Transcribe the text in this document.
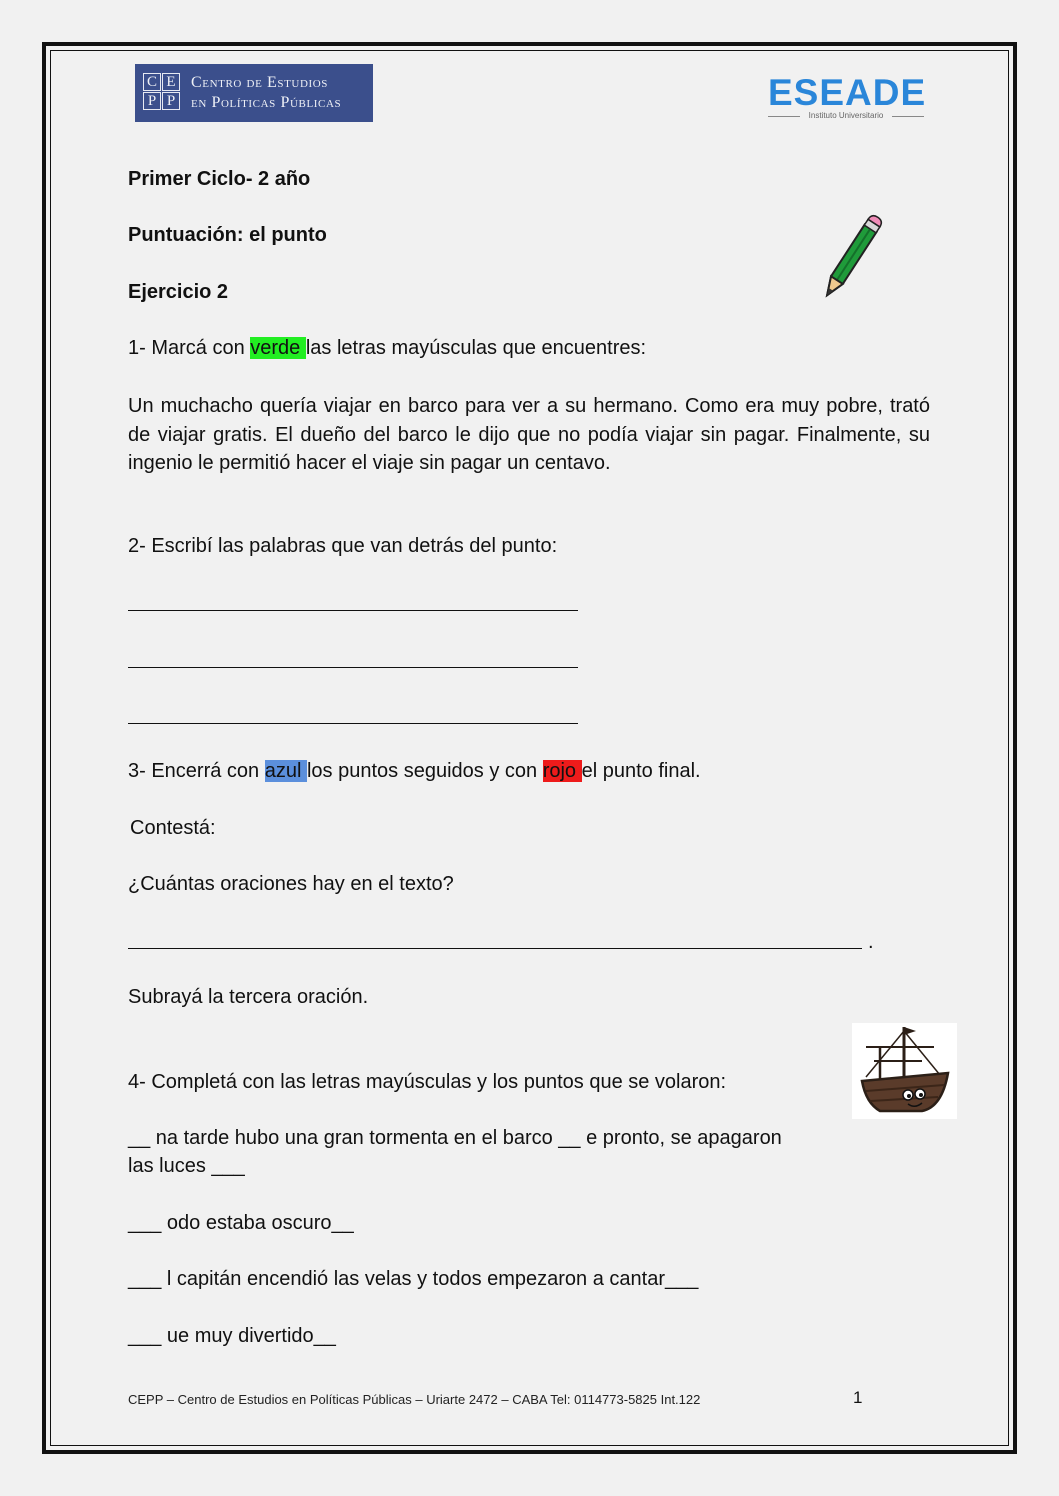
C E
P P
Centro de Estudios
en Políticas Públicas	ESEADE
Instituto Universitario
Primer Ciclo- 2 año
Puntuación: el punto
Ejercicio 2
1- Marcá con verde las letras mayúsculas que encuentres:
Un muchacho quería viajar en barco para ver a su hermano. Como era muy pobre, trató de viajar gratis. El dueño del barco le dijo que no podía viajar sin pagar. Finalmente, su ingenio le permitió hacer el viaje sin pagar un centavo.
2- Escribí las palabras que van detrás del punto:
3- Encerrá con azul los puntos seguidos y con rojo el punto final.
Contestá:
¿Cuántas oraciones hay en el texto?
.
Subrayá la tercera oración.
4- Completá con las letras mayúsculas y los puntos que se volaron:
__ na tarde hubo una gran tormenta en el barco __ e pronto, se apagaron
las luces ___
___ odo estaba oscuro__
___ l capitán encendió las velas y todos empezaron a cantar___
___ ue muy divertido__
CEPP – Centro de Estudios en Políticas Públicas – Uriarte 2472 – CABA Tel: 0114773-5825 Int.122	1
